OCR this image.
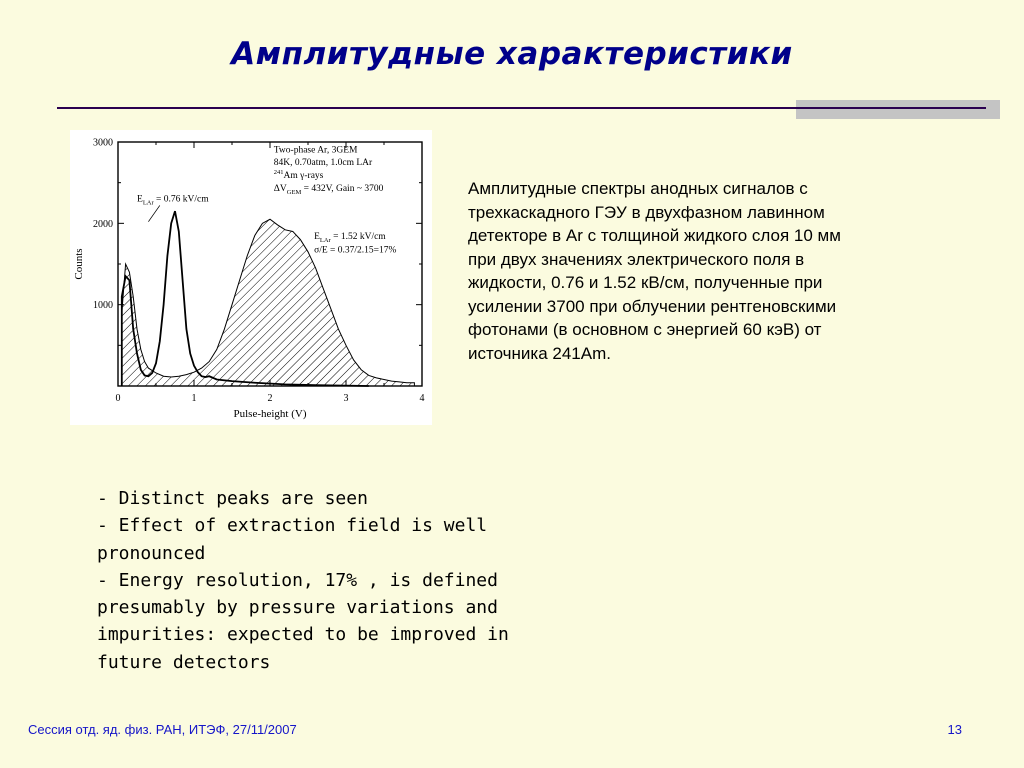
Амплитудные характеристики
1000
2000
3000
0	1	2	3	4
Pulse-height (V)
Counts
Two-phase Ar, 3GEM
84K, 0.70atm, 1.0cm LAr
241Am γ-rays
$\Delta V_{GEM} = 432V$, Gain ~ 3700
$E_{LAr} = 0.76$ kV/cm
$E_{LAr} = 1.52$ kV/cm
σ/E = 0.37/2.15=17%
Амплитудные спектры анодных сигналов с
трехкаскадного ГЭУ в двухфазном лавинном
детекторе в Ar с толщиной жидкого слоя 10 мм
при двух значениях электрического поля в
жидкости, 0.76 и 1.52 кВ/см, полученные при
усилении 3700 при облучении рентгеновскими
фотонами (в основном с энергией 60 кэВ) от
источника 241Am.
- Distinct peaks are seen
- Effect of extraction field is well
pronounced
- Energy resolution, 17% , is defined
presumably by pressure variations and
impurities: expected to be improved in
future detectors
Сессия отд. яд. физ. РАН, ИТЭФ, 27/11/2007	13
